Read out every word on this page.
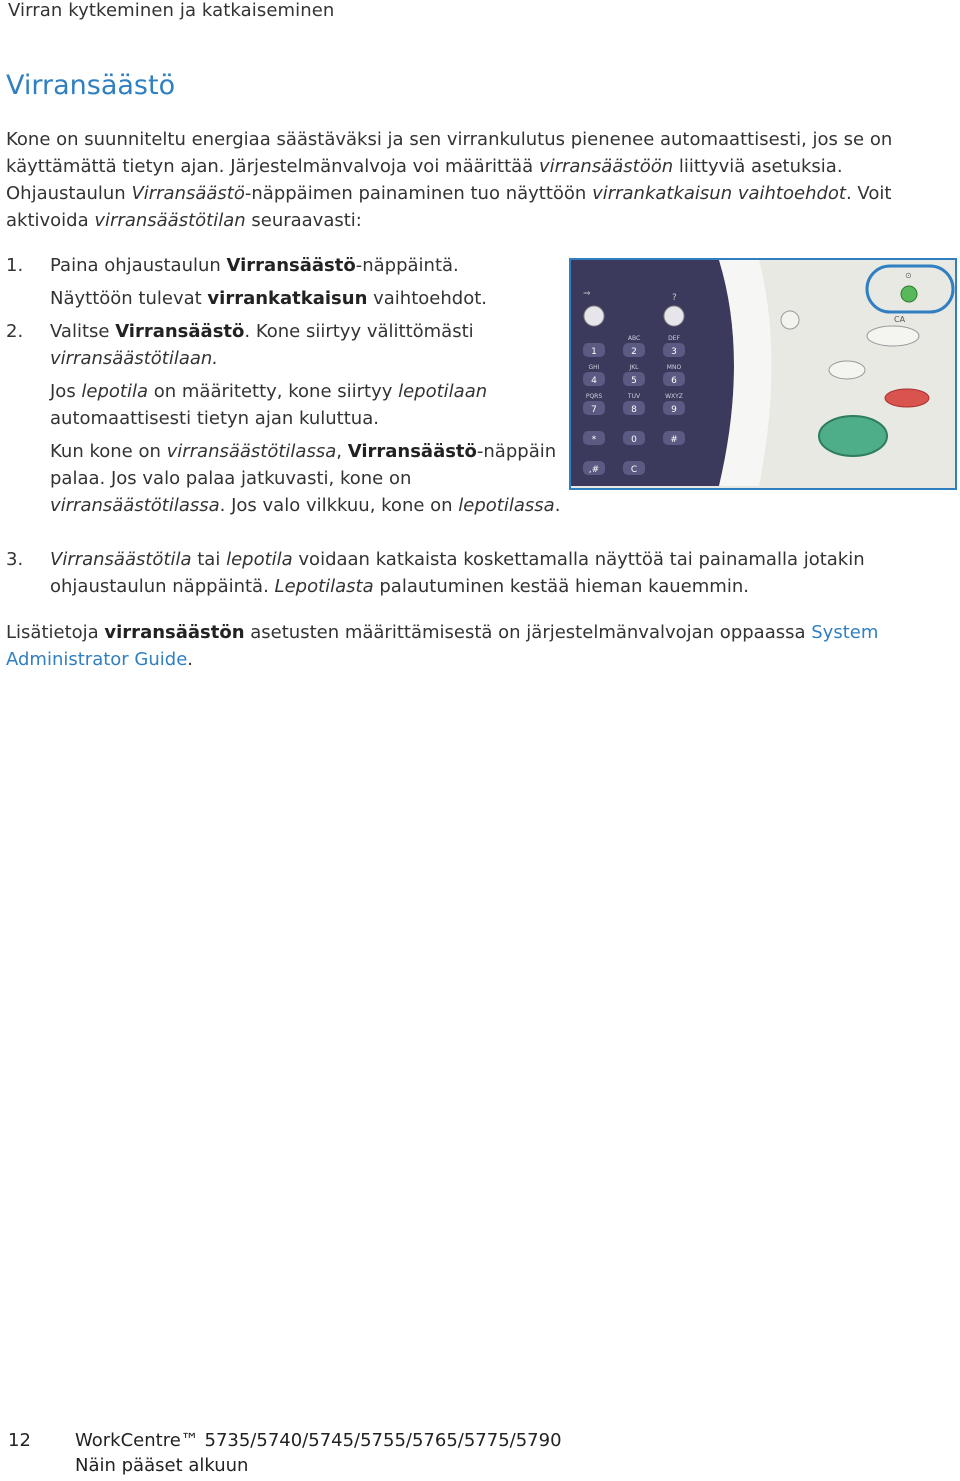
Virran kytkeminen ja katkaiseminen
Virransäästö
Kone on suunniteltu energiaa säästäväksi ja sen virrankulutus pienenee automaattisesti, jos se on käyttämättä tietyn ajan. Järjestelmänvalvoja voi määrittää virransäästöön liittyviä asetuksia. Ohjaustaulun Virransäästö-näppäimen painaminen tuo näyttöön virrankatkaisun vaihtoehdot. Voit aktivoida virransäästötilan seuraavasti:
1. Paina ohjaustaulun Virransäästö-näppäintä.
Näyttöön tulevat virrankatkaisun vaihtoehdot.
2. Valitse Virransäästö. Kone siirtyy välittömästi virransäästötilaan.
Jos lepotila on määritetty, kone siirtyy lepotilaan automaattisesti tietyn ajan kuluttua.
Kun kone on virransäästötilassa, Virransäästö-näppäin palaa. Jos valo palaa jatkuvasti, kone on virransäästötilassa. Jos valo vilkkuu, kone on lepotilassa.
3. Virransäästötila tai lepotila voidaan katkaista koskettamalla näyttöä tai painamalla jotakin ohjaustaulun näppäintä. Lepotilasta palautuminen kestää hieman kauemmin.
Lisätietoja virransäästön asetusten määrittämisestä on järjestelmänvalvojan oppaassa System Administrator Guide.
⇒	?
1	2
ABC
3
DEF
4
GHI
5
JKL
6
MNO
7
PQRS
8
TUV
9
WXYZ
*	0	#
,#	C
⊙
CA
12 WorkCentre™ 5735/5740/5745/5755/5765/5775/5790
Näin pääset alkuun
